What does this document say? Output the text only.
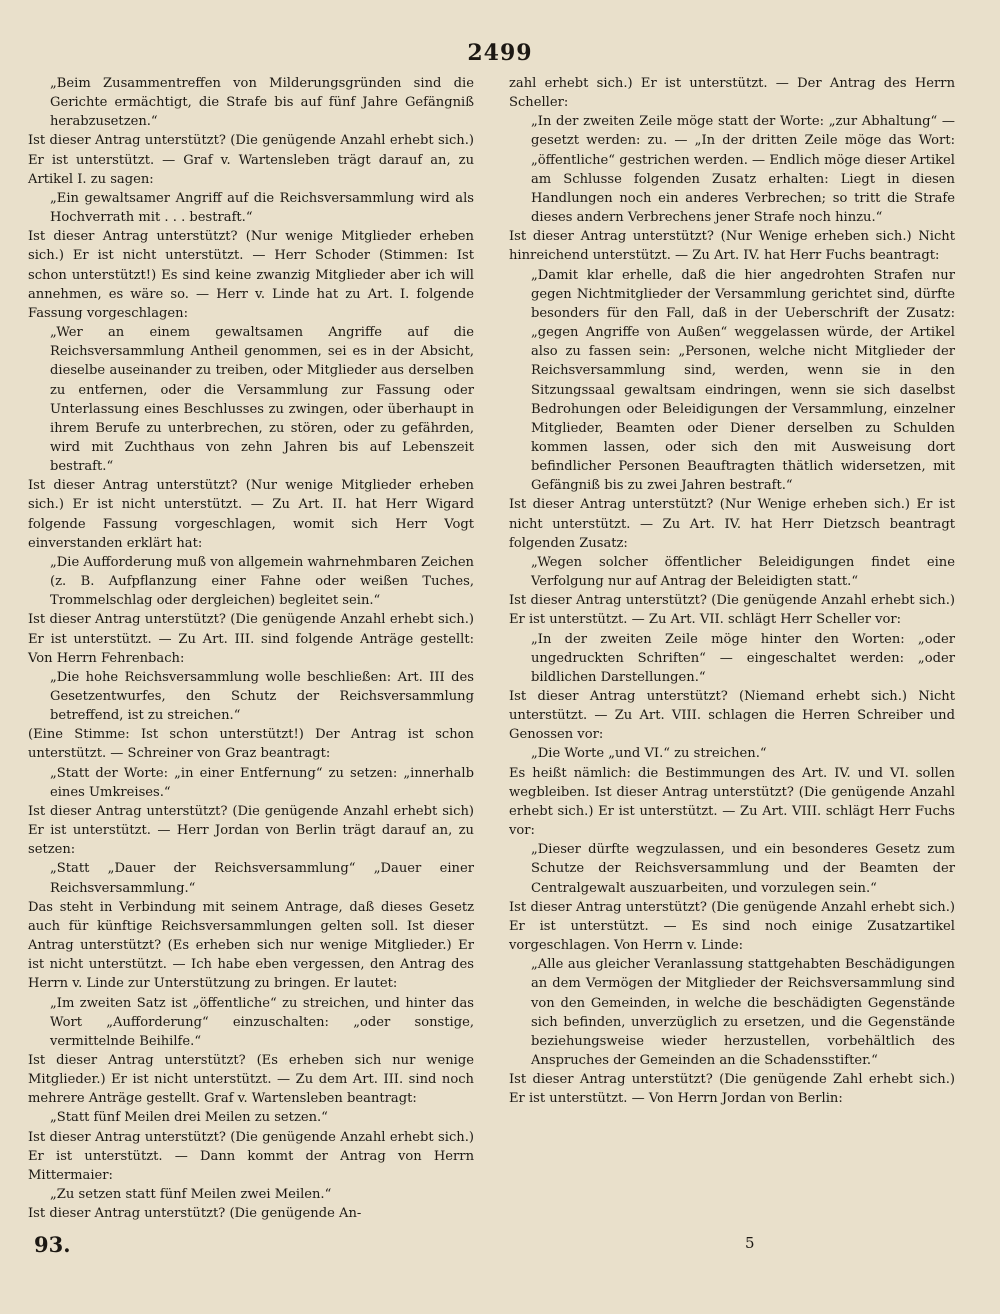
2499

„Beim Zusammentreffen von Milderungsgründen sind die Gerichte ermächtigt, die Strafe bis auf fünf Jahre Gefängniß herabzusetzen.“

Ist dieser Antrag unterstützt? (Die genügende Anzahl erhebt sich.) Er ist unterstützt. — Graf v. Wartensleben trägt darauf an, zu Artikel I. zu sagen:

„Ein gewaltsamer Angriff auf die Reichsversammlung wird als Hochverrath mit . . . bestraft.“

Ist dieser Antrag unterstützt? (Nur wenige Mitglieder erheben sich.) Er ist nicht unterstützt. — Herr Schoder (Stimmen: Ist schon unterstützt!) Es sind keine zwanzig Mitglieder aber ich will annehmen, es wäre so. — Herr v. Linde hat zu Art. I. folgende Fassung vorgeschlagen:

„Wer an einem gewaltsamen Angriffe auf die Reichsversammlung Antheil genommen, sei es in der Absicht, dieselbe auseinander zu treiben, oder Mitglieder aus derselben zu entfernen, oder die Versammlung zur Fassung oder Unterlassung eines Beschlusses zu zwingen, oder überhaupt in ihrem Berufe zu unterbrechen, zu stören, oder zu gefährden, wird mit Zuchthaus von zehn Jahren bis auf Lebenszeit bestraft.“

Ist dieser Antrag unterstützt? (Nur wenige Mitglieder erheben sich.) Er ist nicht unterstützt. — Zu Art. II. hat Herr Wigard folgende Fassung vorgeschlagen, womit sich Herr Vogt einverstanden erklärt hat:

„Die Aufforderung muß von allgemein wahrnehmbaren Zeichen (z. B. Aufpflanzung einer Fahne oder weißen Tuches, Trommelschlag oder dergleichen) begleitet sein.“

Ist dieser Antrag unterstützt? (Die genügende Anzahl erhebt sich.) Er ist unterstützt. — Zu Art. III. sind folgende Anträge gestellt: Von Herrn Fehrenbach:

„Die hohe Reichsversammlung wolle beschließen: Art. III des Gesetzentwurfes, den Schutz der Reichsversammlung betreffend, ist zu streichen.“

(Eine Stimme: Ist schon unterstützt!) Der Antrag ist schon unterstützt. — Schreiner von Graz beantragt:

„Statt der Worte: „in einer Entfernung“ zu setzen: „innerhalb eines Umkreises.“

Ist dieser Antrag unterstützt? (Die genügende Anzahl erhebt sich) Er ist unterstützt. — Herr Jordan von Berlin trägt darauf an, zu setzen:

„Statt „Dauer der Reichsversammlung“ „Dauer einer Reichsversammlung.“

Das steht in Verbindung mit seinem Antrage, daß dieses Gesetz auch für künftige Reichsversammlungen gelten soll. Ist dieser Antrag unterstützt? (Es erheben sich nur wenige Mitglieder.) Er ist nicht unterstützt. — Ich habe eben vergessen, den Antrag des Herrn v. Linde zur Unterstützung zu bringen. Er lautet:

„Im zweiten Satz ist „öffentliche“ zu streichen, und hinter das Wort „Aufforderung“ einzuschalten: „oder sonstige, vermittelnde Beihilfe.“

Ist dieser Antrag unterstützt? (Es erheben sich nur wenige Mitglieder.) Er ist nicht unterstützt. — Zu dem Art. III. sind noch mehrere Anträge gestellt. Graf v. Wartensleben beantragt:

„Statt fünf Meilen drei Meilen zu setzen.“

Ist dieser Antrag unterstützt? (Die genügende Anzahl erhebt sich.) Er ist unterstützt. — Dann kommt der Antrag von Herrn Mittermaier:

„Zu setzen statt fünf Meilen zwei Meilen.“

Ist dieser Antrag unterstützt? (Die genügende An-

zahl erhebt sich.) Er ist unterstützt. — Der Antrag des Herrn Scheller:

„In der zweiten Zeile möge statt der Worte: „zur Abhaltung“ — gesetzt werden: zu. — „In der dritten Zeile möge das Wort: „öffentliche“ gestrichen werden. — Endlich möge dieser Artikel am Schlusse folgenden Zusatz erhalten: Liegt in diesen Handlungen noch ein anderes Verbrechen; so tritt die Strafe dieses andern Verbrechens jener Strafe noch hinzu.“

Ist dieser Antrag unterstützt? (Nur Wenige erheben sich.) Nicht hinreichend unterstützt. — Zu Art. IV. hat Herr Fuchs beantragt:

„Damit klar erhelle, daß die hier angedrohten Strafen nur gegen Nichtmitglieder der Versammlung gerichtet sind, dürfte besonders für den Fall, daß in der Ueberschrift der Zusatz: „gegen Angriffe von Außen“ weggelassen würde, der Artikel also zu fassen sein: „Personen, welche nicht Mitglieder der Reichsversammlung sind, werden, wenn sie in den Sitzungssaal gewaltsam eindringen, wenn sie sich daselbst Bedrohungen oder Beleidigungen der Versammlung, einzelner Mitglieder, Beamten oder Diener derselben zu Schulden kommen lassen, oder sich den mit Ausweisung dort befindlicher Personen Beauftragten thätlich widersetzen, mit Gefängniß bis zu zwei Jahren bestraft.“

Ist dieser Antrag unterstützt? (Nur Wenige erheben sich.) Er ist nicht unterstützt. — Zu Art. IV. hat Herr Dietzsch beantragt folgenden Zusatz:

„Wegen solcher öffentlicher Beleidigungen findet eine Verfolgung nur auf Antrag der Beleidigten statt.“

Ist dieser Antrag unterstützt? (Die genügende Anzahl erhebt sich.) Er ist unterstützt. — Zu Art. VII. schlägt Herr Scheller vor:

„In der zweiten Zeile möge hinter den Worten: „oder ungedruckten Schriften“ — eingeschaltet werden: „oder bildlichen Darstellungen.“

Ist dieser Antrag unterstützt? (Niemand erhebt sich.) Nicht unterstützt. — Zu Art. VIII. schlagen die Herren Schreiber und Genossen vor:

„Die Worte „und VI.“ zu streichen.“

Es heißt nämlich: die Bestimmungen des Art. IV. und VI. sollen wegbleiben. Ist dieser Antrag unterstützt? (Die genügende Anzahl erhebt sich.) Er ist unterstützt. — Zu Art. VIII. schlägt Herr Fuchs vor:

„Dieser dürfte wegzulassen, und ein besonderes Gesetz zum Schutze der Reichsversammlung und der Beamten der Centralgewalt auszuarbeiten, und vorzulegen sein.“

Ist dieser Antrag unterstützt? (Die genügende Anzahl erhebt sich.) Er ist unterstützt. — Es sind noch einige Zusatzartikel vorgeschlagen. Von Herrn v. Linde:

„Alle aus gleicher Veranlassung stattgehabten Beschädigungen an dem Vermögen der Mitglieder der Reichsversammlung sind von den Gemeinden, in welche die beschädigten Gegenstände sich befinden, unverzüglich zu ersetzen, und die Gegenstände beziehungsweise wieder herzustellen, vorbehältlich des Anspruches der Gemeinden an die Schadensstifter.“

Ist dieser Antrag unterstützt? (Die genügende Zahl erhebt sich.) Er ist unterstützt. — Von Herrn Jordan von Berlin:

93.	5
